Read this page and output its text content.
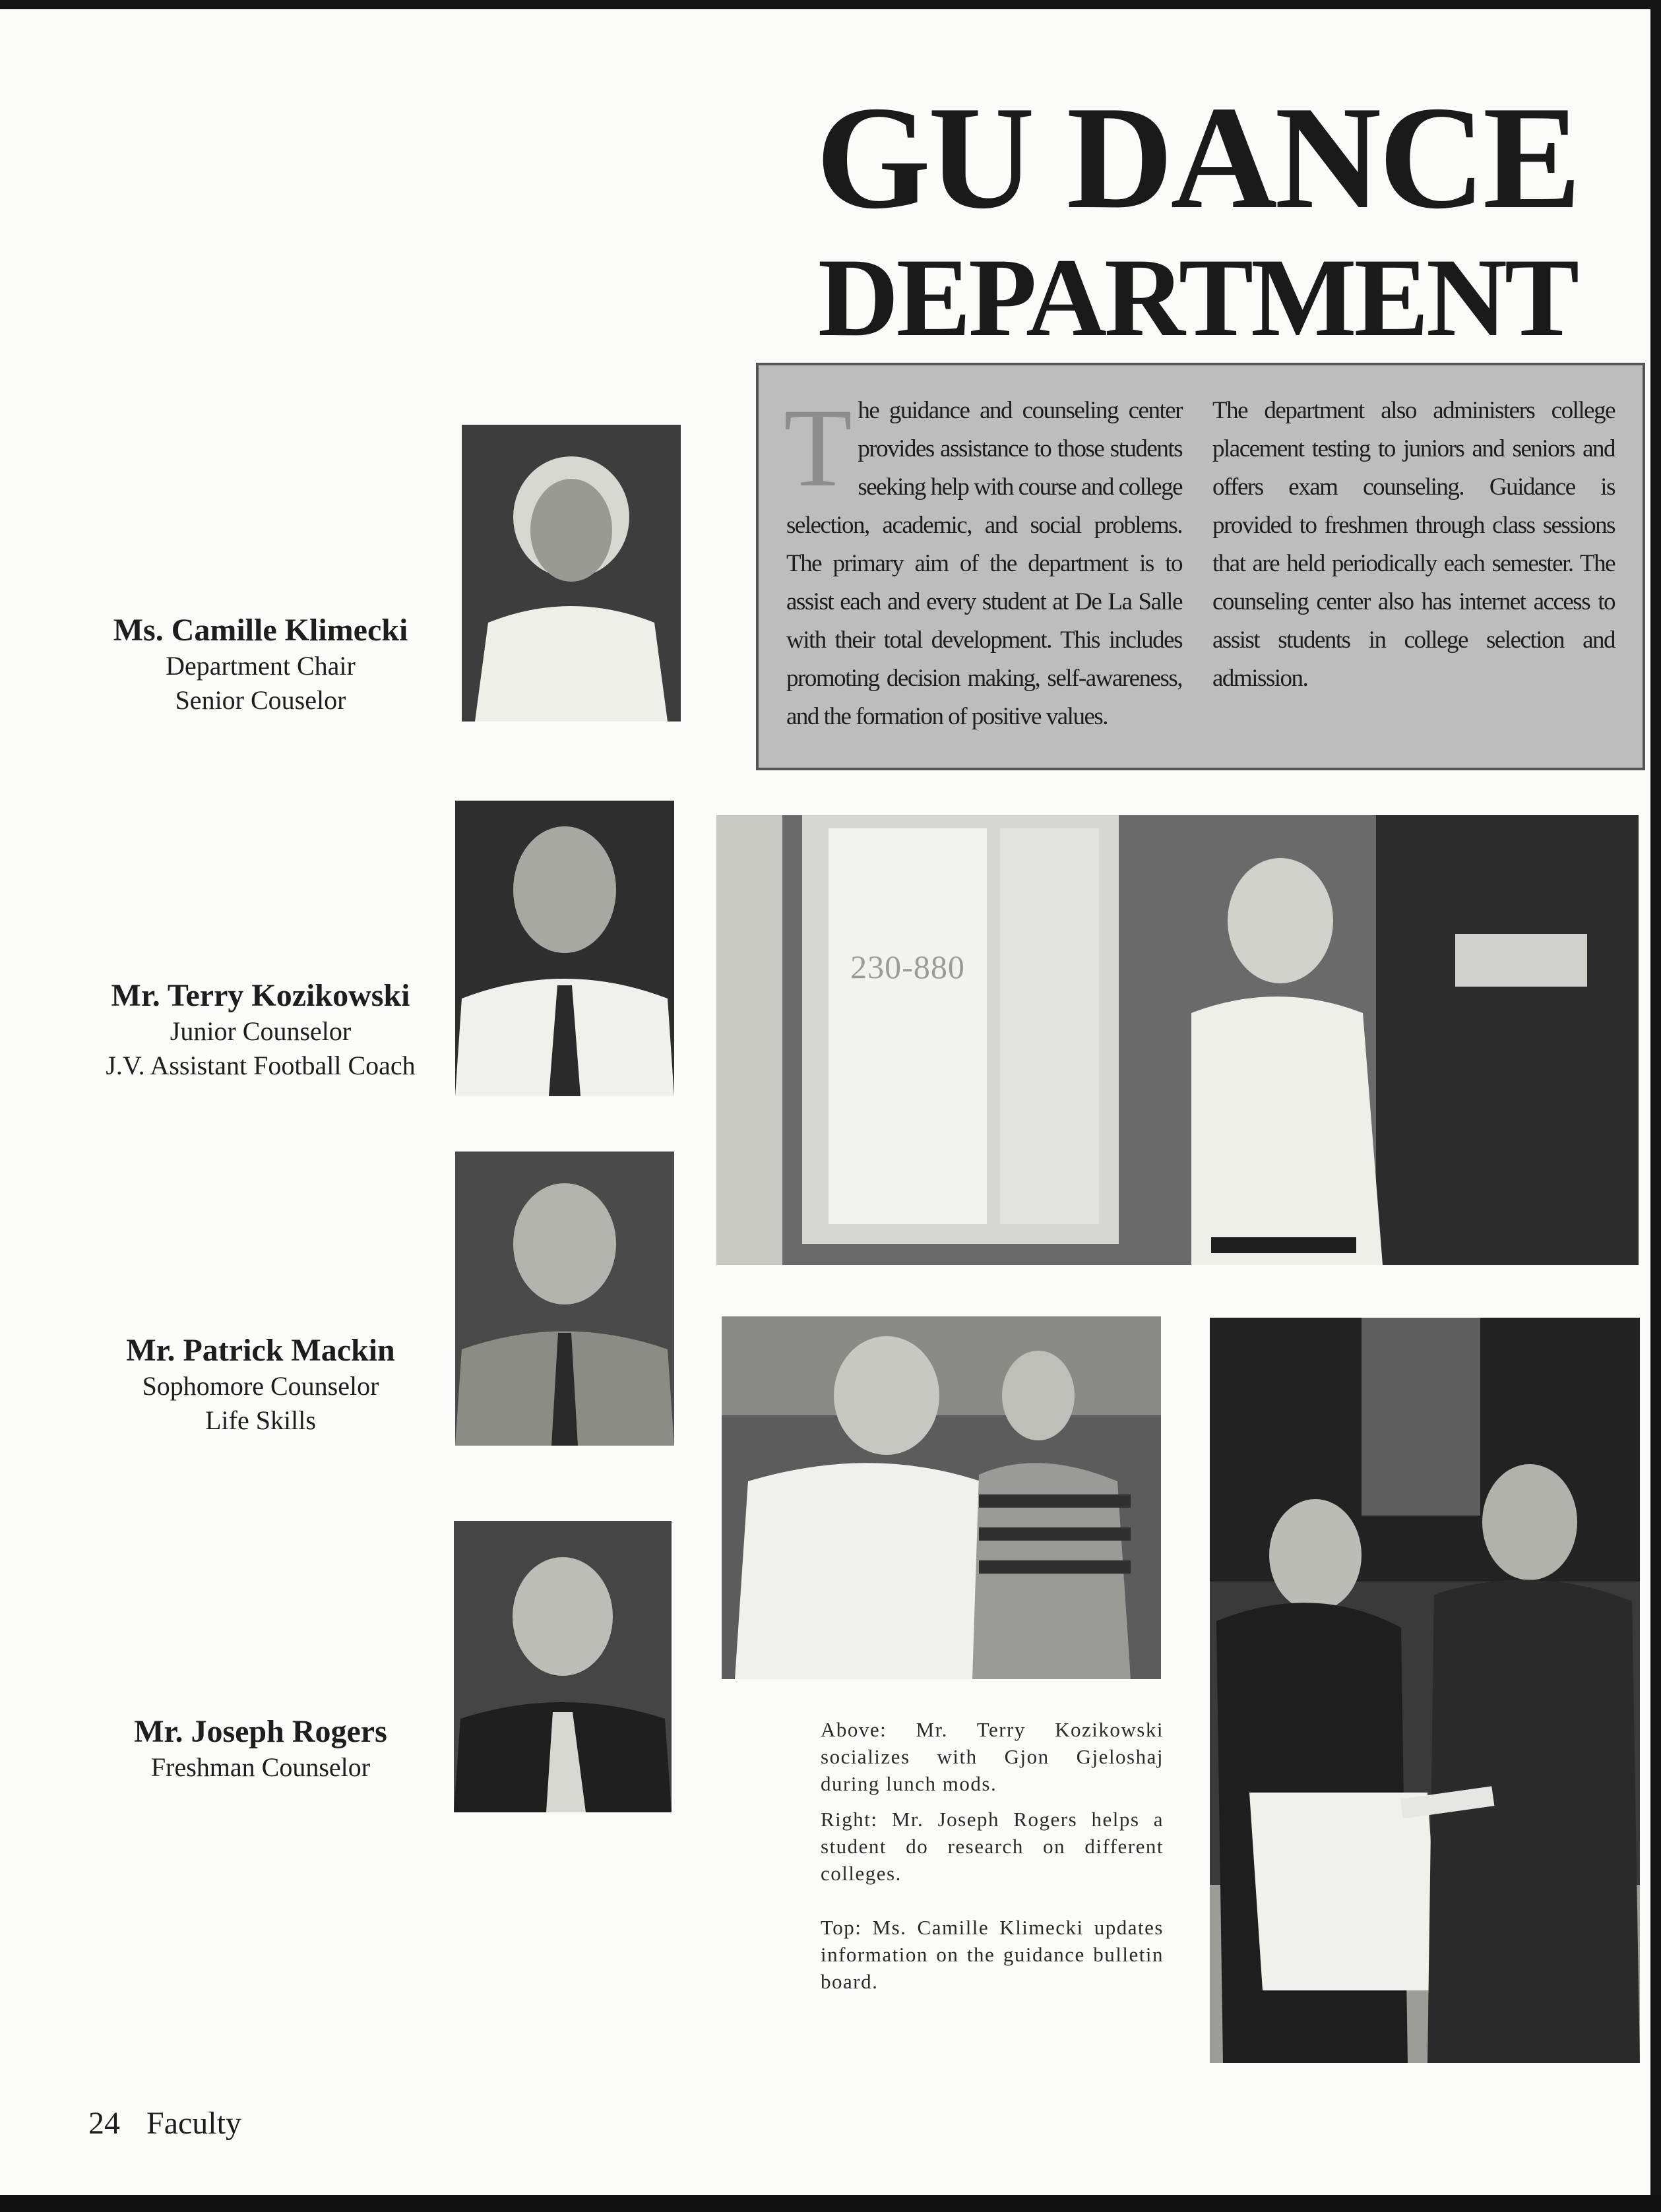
GU DANCE
DEPARTMENT
The guidance and counseling center provides assistance to those students seeking help with course and college selection, academic, and social problems. The primary aim of the department is to assist each and every student at De La Salle with their total development. This includes promoting decision making, self-awareness, and the formation of positive values.
The department also administers college placement testing to juniors and seniors and offers exam counseling. Guidance is provided to freshmen through class sessions that are held periodically each semester. The counseling center also has internet access to assist students in college selection and admission.
Ms. Camille Klimecki
Department Chair
Senior Couselor
Mr. Terry Kozikowski
Junior Counselor
J.V. Assistant Football Coach
Mr. Patrick Mackin
Sophomore Counselor
Life Skills
Mr. Joseph Rogers
Freshman Counselor
230-880
Above: Mr. Terry Kozikowski socializes with Gjon Gjeloshaj during lunch mods.
Right: Mr. Joseph Rogers helps a student do research on different colleges.
Top: Ms. Camille Klimecki updates information on the guidance bulletin board.
24 Faculty
